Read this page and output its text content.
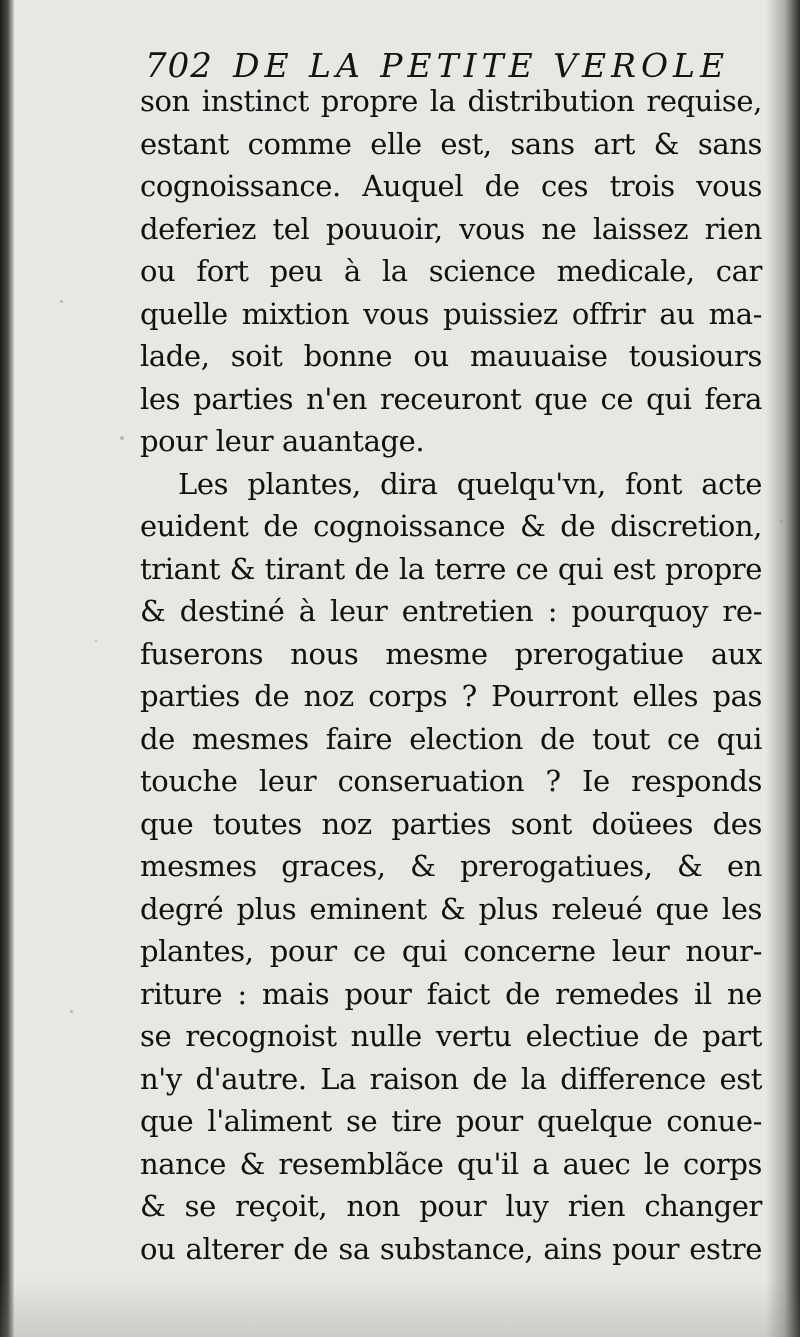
702 DE LA PETITE VEROLE
son instinct propre la distribution requise,
estant comme elle est, sans art & sans
cognoissance. Auquel de ces trois vous
deferiez tel pouuoir, vous ne laissez rien
ou fort peu à la science medicale, car
quelle mixtion vous puissiez offrir au ma-
lade, soit bonne ou mauuaise tousiours
les parties n'en receuront que ce qui fera
pour leur auantage.
Les plantes, dira quelqu'vn, font acte
euident de cognoissance & de discretion,
triant & tirant de la terre ce qui est propre
& destiné à leur entretien : pourquoy re-
fuserons nous mesme prerogatiue aux
parties de noz corps ? Pourront elles pas
de mesmes faire election de tout ce qui
touche leur conseruation ? Ie responds
que toutes noz parties sont doüees des
mesmes graces, & prerogatiues, & en
degré plus eminent & plus releué que les
plantes, pour ce qui concerne leur nour-
riture : mais pour faict de remedes il ne
se recognoist nulle vertu electiue de part
n'y d'autre. La raison de la difference est
que l'aliment se tire pour quelque conue-
nance & resemblãce qu'il a auec le corps
& se reçoit, non pour luy rien changer
ou alterer de sa substance, ains pour estre
